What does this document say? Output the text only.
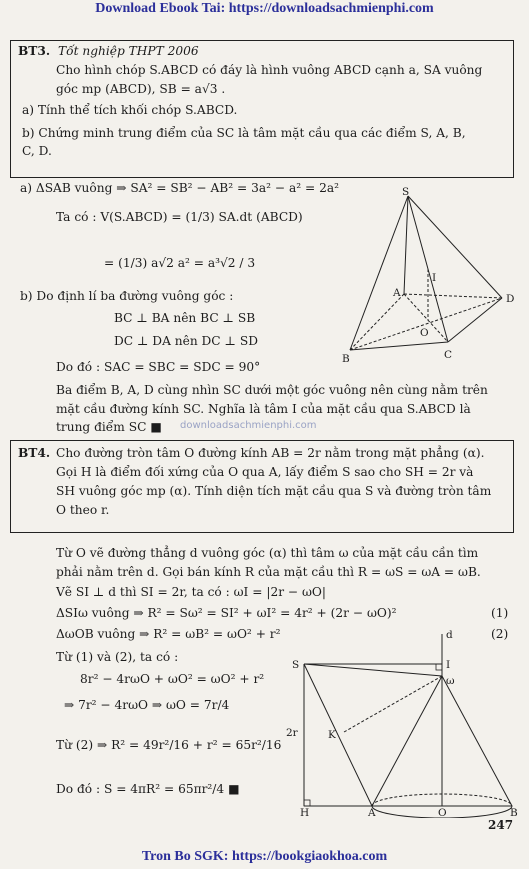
Download Ebook Tai: https://downloadsachmienphi.com
BT3. Tốt nghiệp THPT 2006
Cho hình chóp S.ABCD có đáy là hình vuông ABCD cạnh a, SA vuông
góc mp (ABCD), SB = a√3 .
a) Tính thể tích khối chóp S.ABCD.
b) Chứng minh trung điểm của SC là tâm mặt cầu qua các điểm S, A, B,
C, D.
a) ΔSAB vuông ⇒ SA² = SB² − AB² = 3a² − a² = 2a²
Ta có : V(S.ABCD) = (1/3) SA.dt (ABCD)
= (1/3) a√2 a² = a³√2 / 3
b) Do định lí ba đường vuông góc :
BC ⊥ BA nên BC ⊥ SB
DC ⊥ DA nên DC ⊥ SD
Do đó : SAC = SBC = SDC = 90°
Ba điểm B, A, D cùng nhìn SC dưới một góc vuông nên cùng nằm trên
mặt cầu đường kính SC. Nghĩa là tâm I của mặt cầu qua S.ABCD là
trung điểm SC ■ downloadsachmienphi.com
S
A
B	C
D
I
O
BT4. Cho đường tròn tâm O đường kính AB = 2r nằm trong mặt phẳng (α).
Gọi H là điểm đối xứng của O qua A, lấy điểm S sao cho SH = 2r và
SH vuông góc mp (α). Tính diện tích mặt cầu qua S và đường tròn tâm
O theo r.
Từ O vẽ đường thẳng d vuông góc (α) thì tâm ω của mặt cầu cần tìm
phải nằm trên d. Gọi bán kính R của mặt cầu thì R = ωS = ωA = ωB.
Vẽ SI ⊥ d thì SI = 2r, ta có : ωI = |2r − ωO|
ΔSIω vuông ⇒ R² = Sω² = SI² + ωI² = 4r² + (2r − ωO)²	(1)
ΔωOB vuông ⇒ R² = ωB² = ωO² + r²	(2)
Từ (1) và (2), ta có :
8r² − 4rωO + ωO² = ωO² + r²
⇒ 7r² − 4rωO ⇒ ωO = 7r/4
Từ (2) ⇒ R² = 49r²/16 + r² = 65r²/16
Do đó : S = 4πR² = 65πr²/4 ■
d
S	I
ω
K
2r
H	A	O	B
247
Tron Bo SGK: https://bookgiaokhoa.com
